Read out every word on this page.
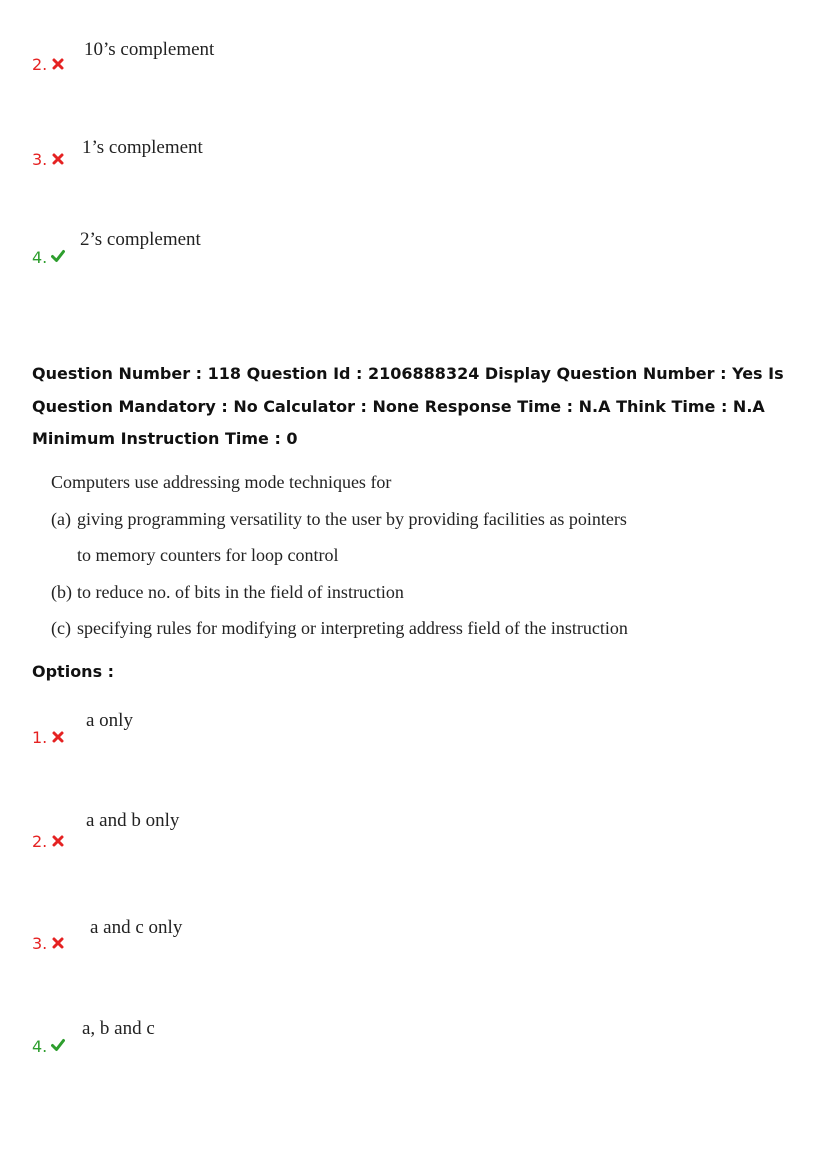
2.
10’s complement
3.
1’s complement
4.
2’s complement
Question Number : 118 Question Id : 2106888324 Display Question Number : Yes Is Question Mandatory : No Calculator : None Response Time : N.A Think Time : N.A Minimum Instruction Time : 0
Computers use addressing mode techniques for
(a) giving programming versatility to the user by providing facilities as pointers
to memory counters for loop control
(b) to reduce no. of bits in the field of instruction
(c) specifying rules for modifying or interpreting address field of the instruction
Options :
1.
a only
2.
a and b only
3.
a and c only
4.
a, b and c
